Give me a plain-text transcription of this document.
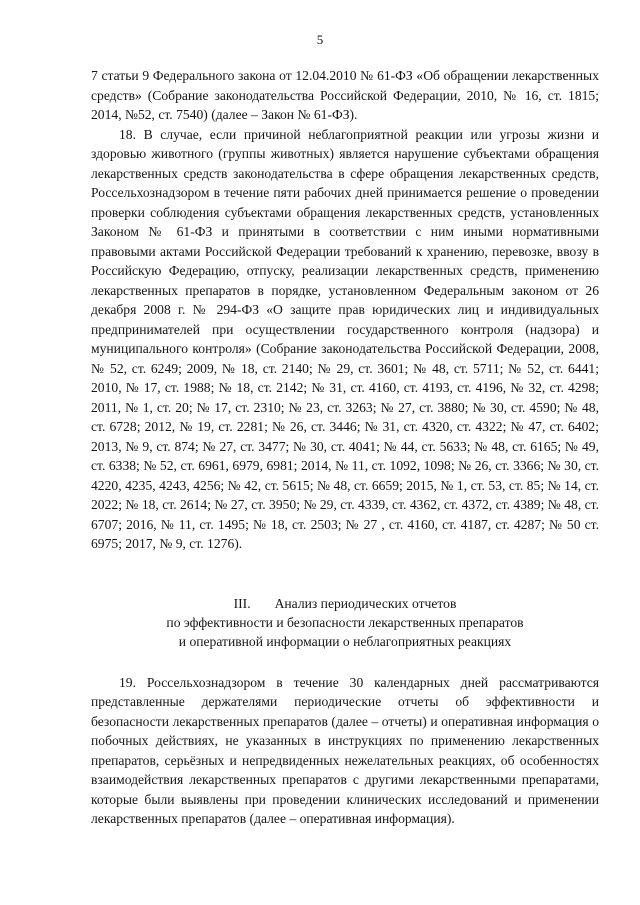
5

7 статьи 9 Федерального закона от 12.04.2010 № 61-ФЗ «Об обращении лекарственных средств» (Собрание законодательства Российской Федерации, 2010, № 16, ст. 1815; 2014, №52, ст. 7540) (далее – Закон № 61-ФЗ).

18. В случае, если причиной неблагоприятной реакции или угрозы жизни и здоровью животного (группы животных) является нарушение субъектами обращения лекарственных средств законодательства в сфере обращения лекарственных средств, Россельхознадзором в течение пяти рабочих дней принимается решение о проведении проверки соблюдения субъектами обращения лекарственных средств, установленных Законом № 61-ФЗ и принятыми в соответствии с ним иными нормативными правовыми актами Российской Федерации требований к хранению, перевозке, ввозу в Российскую Федерацию, отпуску, реализации лекарственных средств, применению лекарственных препаратов в порядке, установленном Федеральным законом от 26 декабря 2008 г. № 294-ФЗ «О защите прав юридических лиц и индивидуальных предпринимателей при осуществлении государственного контроля (надзора) и муниципального контроля» (Собрание законодательства Российской Федерации, 2008, № 52, ст. 6249; 2009, № 18, ст. 2140; № 29, ст. 3601; № 48, ст. 5711; № 52, ст. 6441; 2010, № 17, ст. 1988; № 18, ст. 2142; № 31, ст. 4160, ст. 4193, ст. 4196, № 32, ст. 4298; 2011, № 1, ст. 20; № 17, ст. 2310; № 23, ст. 3263; № 27, ст. 3880; № 30, ст. 4590; № 48, ст. 6728; 2012, № 19, ст. 2281; № 26, ст. 3446; № 31, ст. 4320, ст. 4322; № 47, ст. 6402; 2013, № 9, ст. 874; № 27, ст. 3477; № 30, ст. 4041; № 44, ст. 5633; № 48, ст. 6165; № 49, ст. 6338; № 52, ст. 6961, 6979, 6981; 2014, № 11, ст. 1092, 1098; № 26, ст. 3366; № 30, ст. 4220, 4235, 4243, 4256; № 42, ст. 5615; № 48, ст. 6659; 2015, № 1, ст. 53, ст. 85; № 14, ст. 2022; № 18, ст. 2614; № 27, ст. 3950; № 29, ст. 4339, ст. 4362, ст. 4372, ст. 4389; № 48, ст. 6707; 2016, № 11, ст. 1495; № 18, ст. 2503; № 27 , ст. 4160, ст. 4187, ст. 4287; № 50 ст. 6975; 2017, № 9, ст. 1276).

III. Анализ периодических отчетов
по эффективности и безопасности лекарственных препаратов
и оперативной информации о неблагоприятных реакциях

19. Россельхознадзором в течение 30 календарных дней рассматриваются представленные держателями периодические отчеты об эффективности и безопасности лекарственных препаратов (далее – отчеты) и оперативная информация о побочных действиях, не указанных в инструкциях по применению лекарственных препаратов, серьёзных и непредвиденных нежелательных реакциях, об особенностях взаимодействия лекарственных препаратов с другими лекарственными препаратами, которые были выявлены при проведении клинических исследований и применении лекарственных препаратов (далее – оперативная информация).
